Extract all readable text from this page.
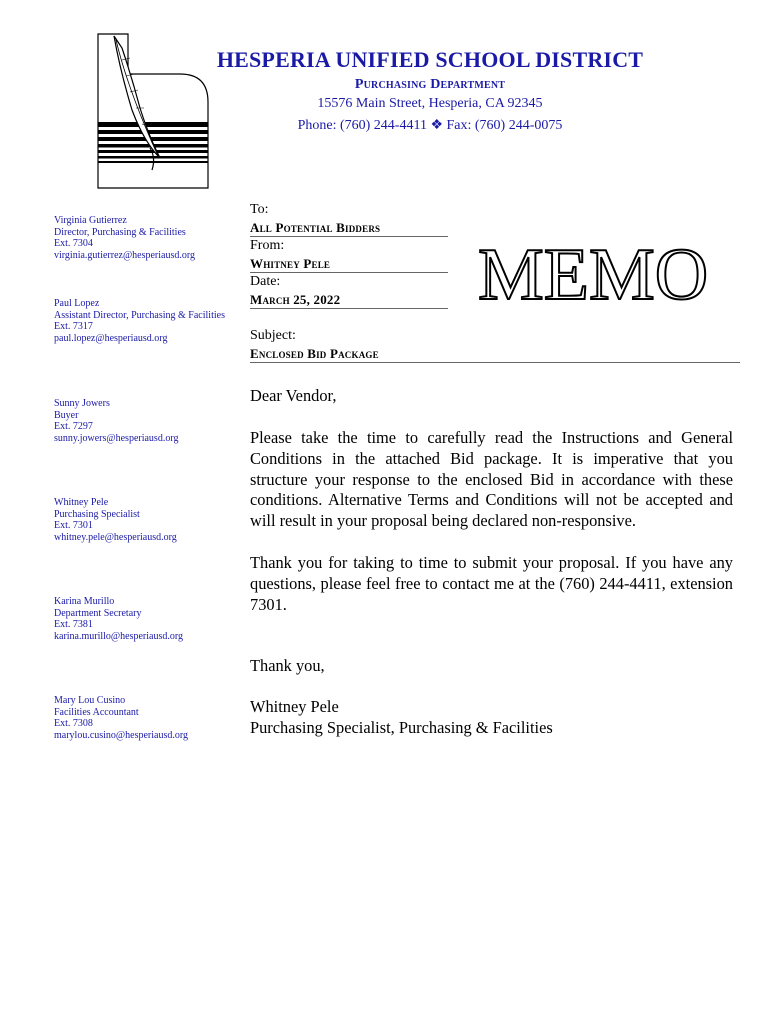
HESPERIA UNIFIED SCHOOL DISTRICT
Purchasing Department
15576 Main Street, Hesperia, CA 92345
Phone: (760) 244-4411 ❖ Fax: (760) 244-0075
Virginia Gutierrez
Director, Purchasing & Facilities
Ext. 7304
virginia.gutierrez@hesperiausd.org
Paul Lopez
Assistant Director, Purchasing & Facilities
Ext. 7317
paul.lopez@hesperiausd.org
Sunny Jowers
Buyer
Ext. 7297
sunny.jowers@hesperiausd.org
Whitney Pele
Purchasing Specialist
Ext. 7301
whitney.pele@hesperiausd.org
Karina Murillo
Department Secretary
Ext. 7381
karina.murillo@hesperiausd.org
Mary Lou Cusino
Facilities Accountant
Ext. 7308
marylou.cusino@hesperiausd.org
To:
All Potential Bidders
From:
Whitney Pele
Date:
March 25, 2022
Subject:
Enclosed Bid Package
MEMO
Dear Vendor,
Please take the time to carefully read the Instructions and General Conditions in the attached Bid package. It is imperative that you structure your response to the enclosed Bid in accordance with these conditions. Alternative Terms and Conditions will not be accepted and will result in your proposal being declared non-responsive.
Thank you for taking to time to submit your proposal. If you have any questions, please feel free to contact me at the (760) 244-4411, extension 7301.
Thank you,
Whitney Pele
Purchasing Specialist, Purchasing & Facilities
